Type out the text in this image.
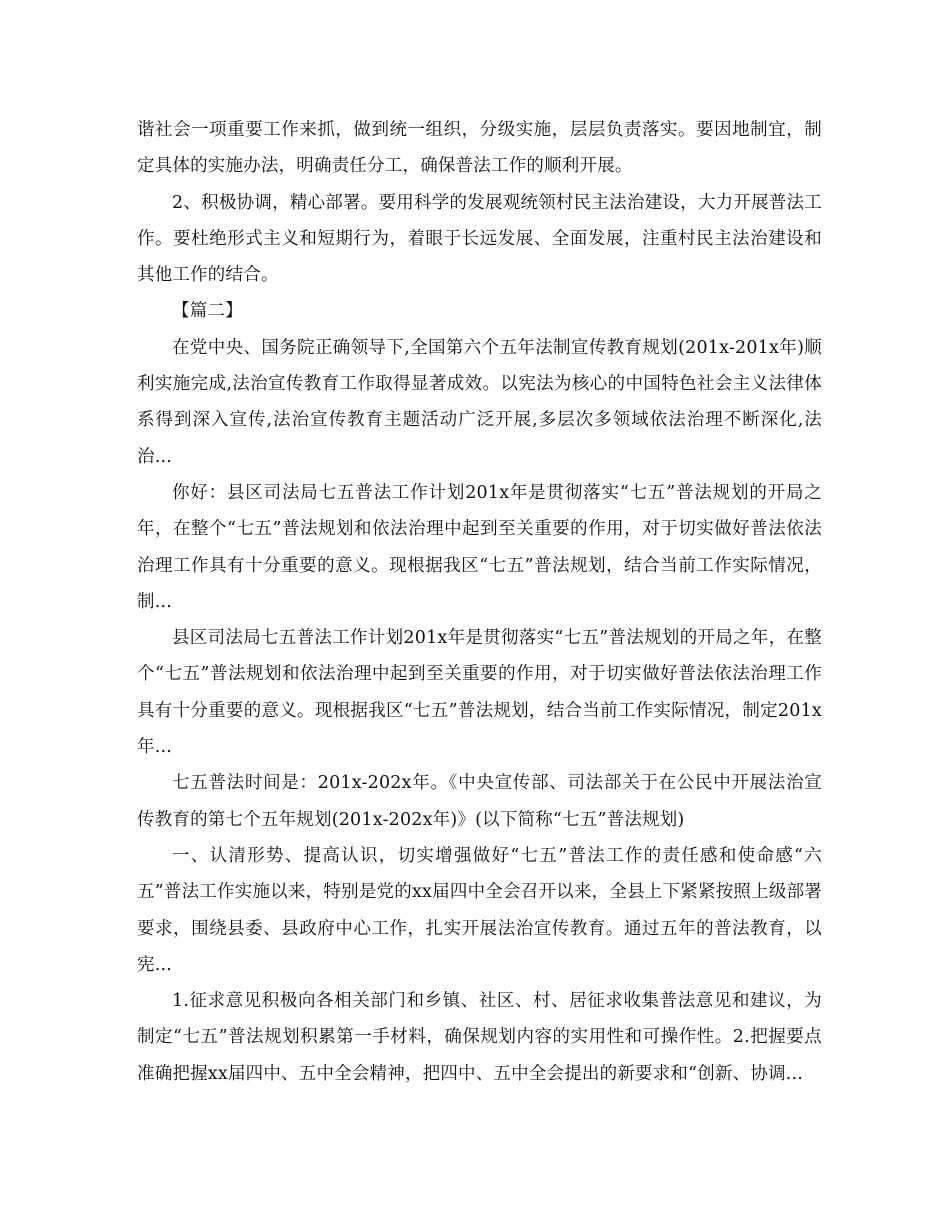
谐社会一项重要工作来抓，做到统一组织，分级实施，层层负责落实。要因地制宜，制定具体的实施办法，明确责任分工，确保普法工作的顺利开展。

2、积极协调，精心部署。要用科学的发展观统领村民主法治建设，大力开展普法工作。要杜绝形式主义和短期行为，着眼于长远发展、全面发展，注重村民主法治建设和其他工作的结合。

【篇二】

在党中央、国务院正确领导下,全国第六个五年法制宣传教育规划(201x-201x年)顺利实施完成,法治宣传教育工作取得显著成效。以宪法为核心的中国特色社会主义法律体系得到深入宣传,法治宣传教育主题活动广泛开展,多层次多领域依法治理不断深化,法治...

你好：县区司法局七五普法工作计划201x年是贯彻落实“七五”普法规划的开局之年，在整个“七五”普法规划和依法治理中起到至关重要的作用，对于切实做好普法依法治理工作具有十分重要的意义。现根据我区“七五”普法规划，结合当前工作实际情况，制...

县区司法局七五普法工作计划201x年是贯彻落实“七五”普法规划的开局之年，在整个“七五”普法规划和依法治理中起到至关重要的作用，对于切实做好普法依法治理工作具有十分重要的意义。现根据我区“七五”普法规划，结合当前工作实际情况，制定201x年...

七五普法时间是：201x-202x年。《中央宣传部、司法部关于在公民中开展法治宣传教育的第七个五年规划(201x-202x年)》(以下简称“七五”普法规划)

一、认清形势、提高认识，切实增强做好“七五”普法工作的责任感和使命感“六五”普法工作实施以来，特别是党的xx届四中全会召开以来，全县上下紧紧按照上级部署要求，围绕县委、县政府中心工作，扎实开展法治宣传教育。通过五年的普法教育，以宪...

1.征求意见积极向各相关部门和乡镇、社区、村、居征求收集普法意见和建议，为制定“七五”普法规划积累第一手材料，确保规划内容的实用性和可操作性。2.把握要点准确把握xx届四中、五中全会精神，把四中、五中全会提出的新要求和“创新、协调...
